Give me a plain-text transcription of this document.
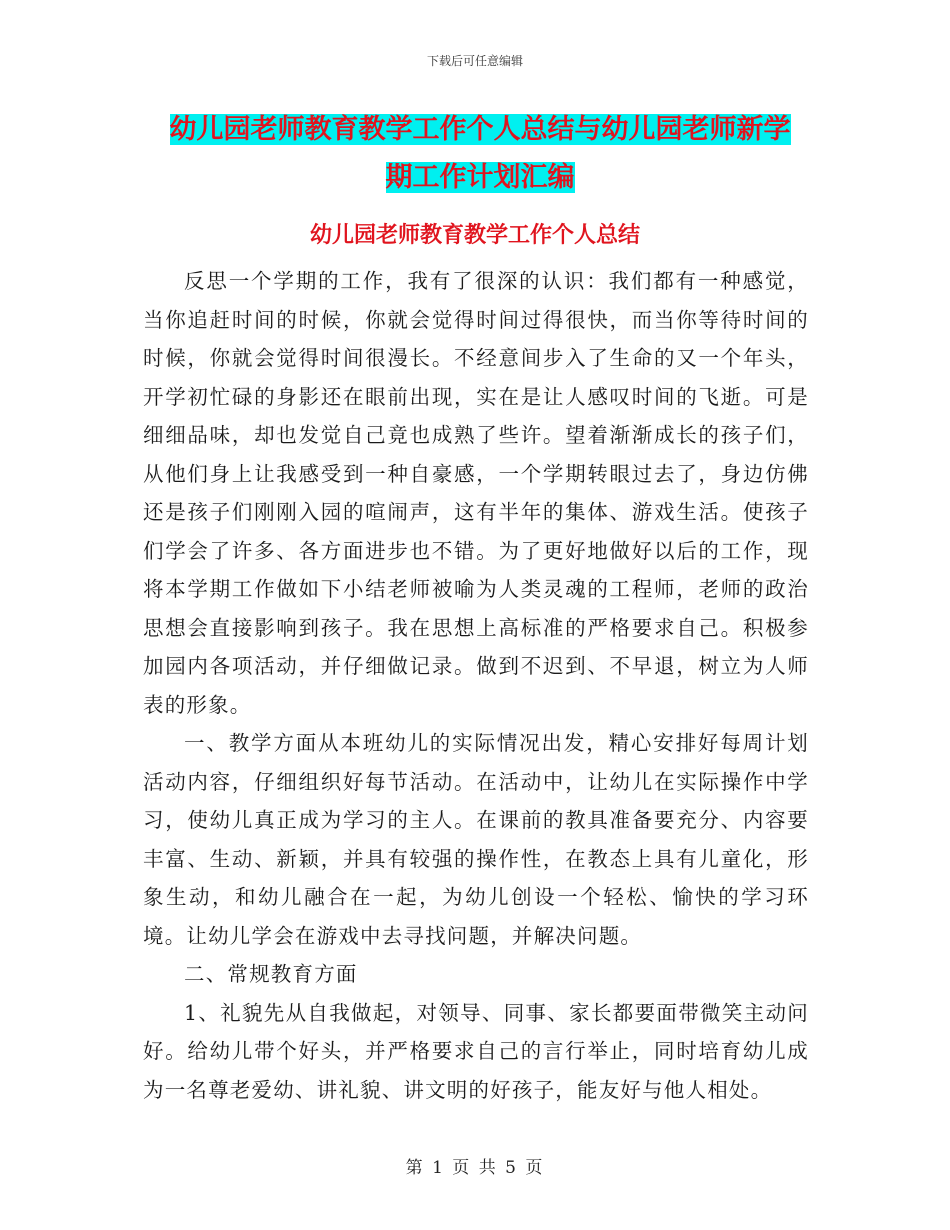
下载后可任意编辑
幼儿园老师教育教学工作个人总结与幼儿园老师新学
期工作计划汇编
幼儿园老师教育教学工作个人总结

反思一个学期的工作，我有了很深的认识：我们都有一种感觉，当你追赶时间的时候，你就会觉得时间过得很快，而当你等待时间的时候，你就会觉得时间很漫长。不经意间步入了生命的又一个年头，开学初忙碌的身影还在眼前出现，实在是让人感叹时间的飞逝。可是细细品味，却也发觉自己竟也成熟了些许。望着渐渐成长的孩子们，从他们身上让我感受到一种自豪感，一个学期转眼过去了，身边仿佛还是孩子们刚刚入园的喧闹声，这有半年的集体、游戏生活。使孩子们学会了许多、各方面进步也不错。为了更好地做好以后的工作，现将本学期工作做如下小结老师被喻为人类灵魂的工程师，老师的政治思想会直接影响到孩子。我在思想上高标准的严格要求自己。积极参加园内各项活动，并仔细做记录。做到不迟到、不早退，树立为人师表的形象。

一、教学方面从本班幼儿的实际情况出发，精心安排好每周计划活动内容，仔细组织好每节活动。在活动中，让幼儿在实际操作中学习，使幼儿真正成为学习的主人。在课前的教具准备要充分、内容要丰富、生动、新颖，并具有较强的操作性，在教态上具有儿童化，形象生动，和幼儿融合在一起，为幼儿创设一个轻松、愉快的学习环境。让幼儿学会在游戏中去寻找问题，并解决问题。

二、常规教育方面

1、礼貌先从自我做起，对领导、同事、家长都要面带微笑主动问好。给幼儿带个好头，并严格要求自己的言行举止，同时培育幼儿成为一名尊老爱幼、讲礼貌、讲文明的好孩子，能友好与他人相处。

第 1 页 共 5 页
